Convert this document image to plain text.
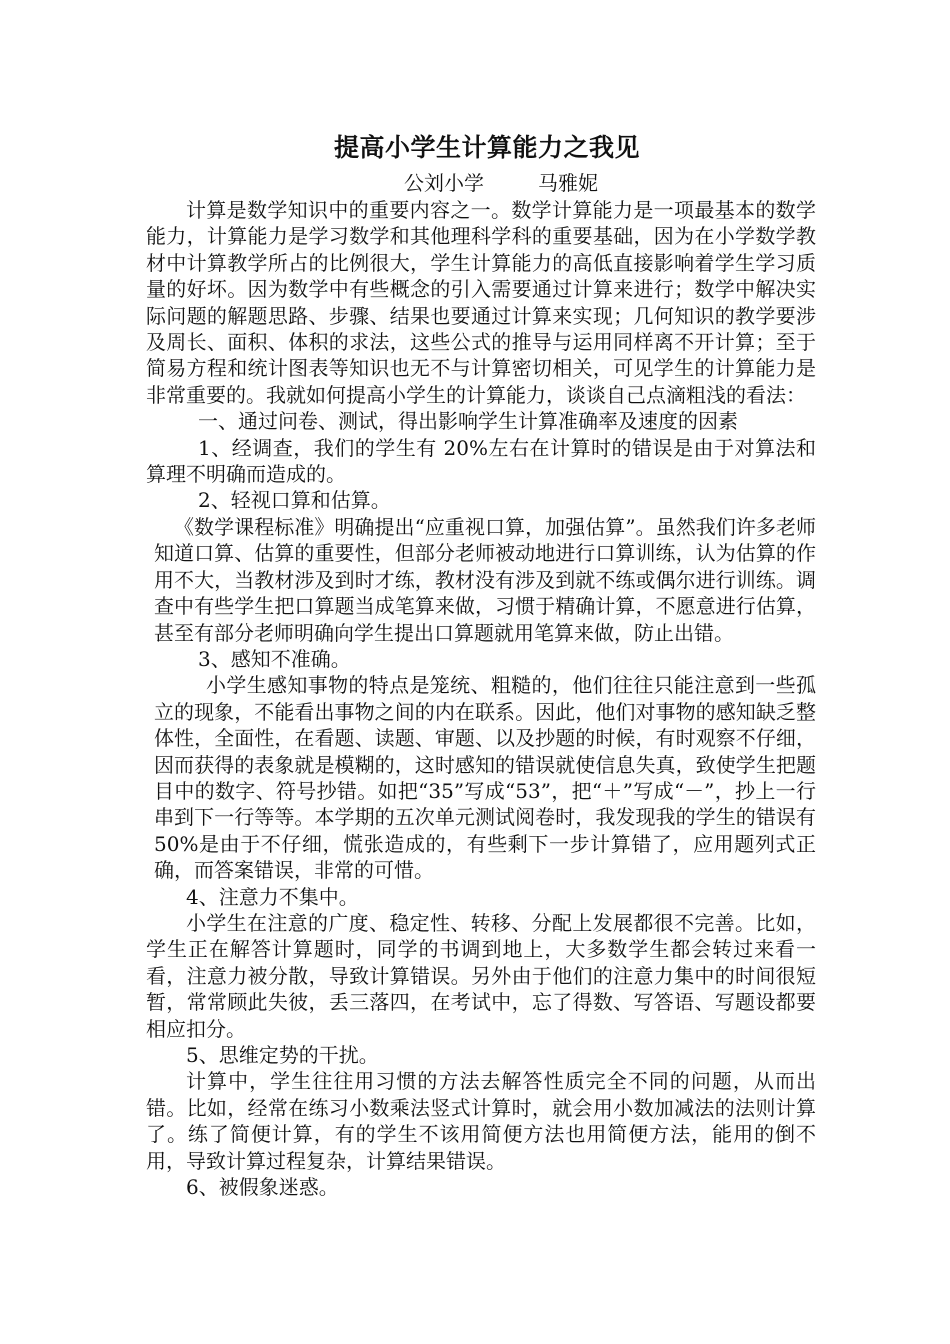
提高小学生计算能力之我见
公刘小学	马雅妮

计算是数学知识中的重要内容之一。数学计算能力是一项最基本的数学能力，计算能力是学习数学和其他理科学科的重要基础，因为在小学数学教材中计算教学所占的比例很大，学生计算能力的高低直接影响着学生学习质量的好坏。因为数学中有些概念的引入需要通过计算来进行；数学中解决实际问题的解题思路、步骤、结果也要通过计算来实现；几何知识的教学要涉及周长、面积、体积的求法，这些公式的推导与运用同样离不开计算；至于简易方程和统计图表等知识也无不与计算密切相关，可见学生的计算能力是非常重要的。我就如何提高小学生的计算能力，谈谈自己点滴粗浅的看法：

一、通过问卷、测试，得出影响学生计算准确率及速度的因素

1、经调查，我们的学生有 20%左右在计算时的错误是由于对算法和算理不明确而造成的。

2、轻视口算和估算。

《数学课程标准》明确提出“应重视口算，加强估算”。虽然我们许多老师知道口算、估算的重要性，但部分老师被动地进行口算训练，认为估算的作用不大，当教材涉及到时才练，教材没有涉及到就不练或偶尔进行训练。调查中有些学生把口算题当成笔算来做，习惯于精确计算，不愿意进行估算，甚至有部分老师明确向学生提出口算题就用笔算来做，防止出错。

3、感知不准确。

小学生感知事物的特点是笼统、粗糙的，他们往往只能注意到一些孤立的现象，不能看出事物之间的内在联系。因此，他们对事物的感知缺乏整体性，全面性，在看题、读题、审题、以及抄题的时候，有时观察不仔细，因而获得的表象就是模糊的，这时感知的错误就使信息失真，致使学生把题目中的数字、符号抄错。如把“35”写成“53”，把“＋”写成“－”，抄上一行串到下一行等等。本学期的五次单元测试阅卷时，我发现我的学生的错误有 50%是由于不仔细，慌张造成的，有些剩下一步计算错了，应用题列式正确，而答案错误，非常的可惜。

4、注意力不集中。

小学生在注意的广度、稳定性、转移、分配上发展都很不完善。比如，学生正在解答计算题时，同学的书调到地上，大多数学生都会转过来看一看，注意力被分散，导致计算错误。另外由于他们的注意力集中的时间很短暂，常常顾此失彼，丢三落四，在考试中，忘了得数、写答语、写题设都要相应扣分。

5、思维定势的干扰。

计算中，学生往往用习惯的方法去解答性质完全不同的问题，从而出错。比如，经常在练习小数乘法竖式计算时，就会用小数加减法的法则计算了。练了简便计算，有的学生不该用简便方法也用简便方法，能用的倒不用，导致计算过程复杂，计算结果错误。

6、被假象迷惑。
